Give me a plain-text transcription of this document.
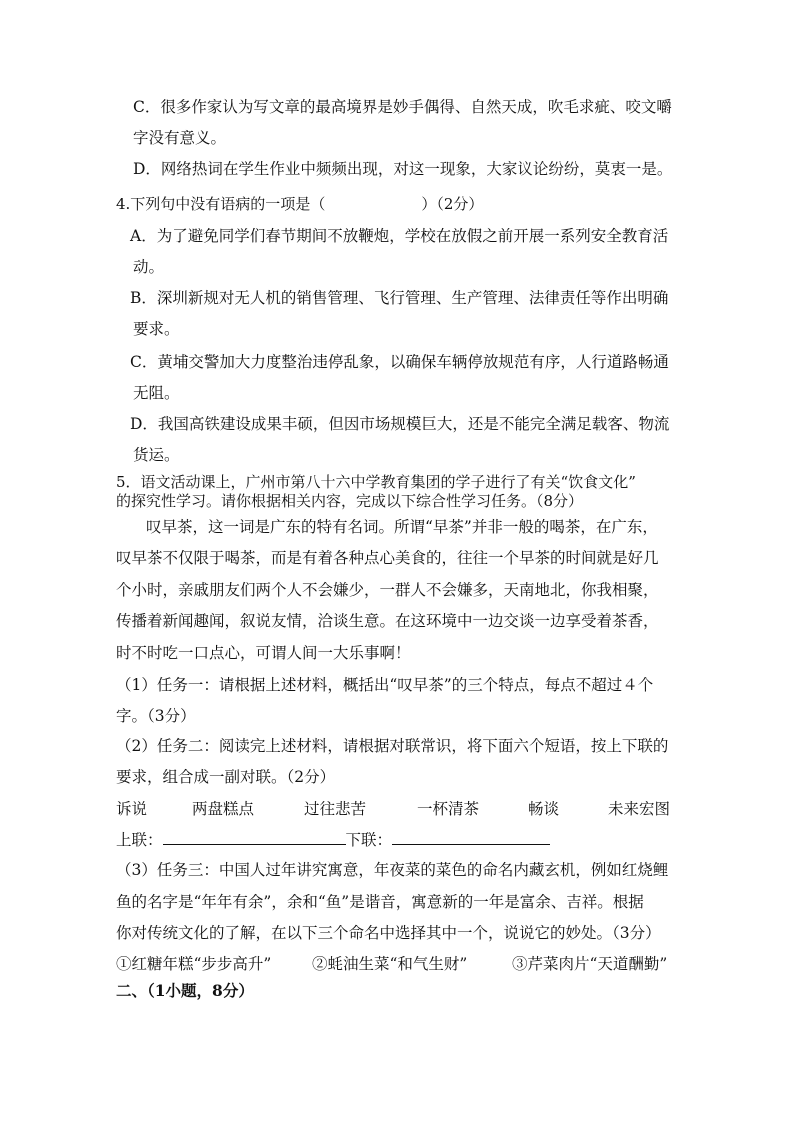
C．很多作家认为写文章的最高境界是妙手偶得、自然天成，吹毛求疵、咬文嚼
字没有意义。
D．网络热词在学生作业中频频出现，对这一现象，大家议论纷纷，莫衷一是。
4.下列句中没有语病的一项是（	）（2分）
A．为了避免同学们春节期间不放鞭炮，学校在放假之前开展一系列安全教育活
动。
B．深圳新规对无人机的销售管理、飞行管理、生产管理、法律责任等作出明确
要求。
C．黄埔交警加大力度整治违停乱象，以确保车辆停放规范有序，人行道路畅通
无阻。
D．我国高铁建设成果丰硕，但因市场规模巨大，还是不能完全满足载客、物流
货运。
5．语文活动课上，广州市第八十六中学教育集团的学子进行了有关“饮食文化”
的探究性学习。请你根据相关内容，完成以下综合性学习任务。（8分）
叹早茶，这一词是广东的特有名词。所谓“早茶”并非一般的喝茶，在广东，
叹早茶不仅限于喝茶，而是有着各种点心美食的，往往一个早茶的时间就是好几
个小时，亲戚朋友们两个人不会嫌少，一群人不会嫌多，天南地北，你我相聚，
传播着新闻趣闻，叙说友情，洽谈生意。在这环境中一边交谈一边享受着茶香，
时不时吃一口点心，可谓人间一大乐事啊！
（1）任务一：请根据上述材料，概括出“叹早茶”的三个特点，每点不超过４个
字。（3分）
（2）任务二：阅读完上述材料，请根据对联常识，将下面六个短语，按上下联的
要求，组合成一副对联。（2分）
诉说	两盘糕点	过往悲苦	一杯清茶	畅谈	未来宏图
上联：	下联：
（3）任务三：中国人过年讲究寓意，年夜菜的菜色的命名内藏玄机，例如红烧鲤
鱼的名字是“年年有余”，余和“鱼”是谐音，寓意新的一年是富余、吉祥。根据
你对传统文化的了解，在以下三个命名中选择其中一个，说说它的妙处。（3分）
①红糖年糕“步步高升”	②蚝油生菜“和气生财”	③芹菜肉片“天道酬勤”
二、（1小题，8分）
